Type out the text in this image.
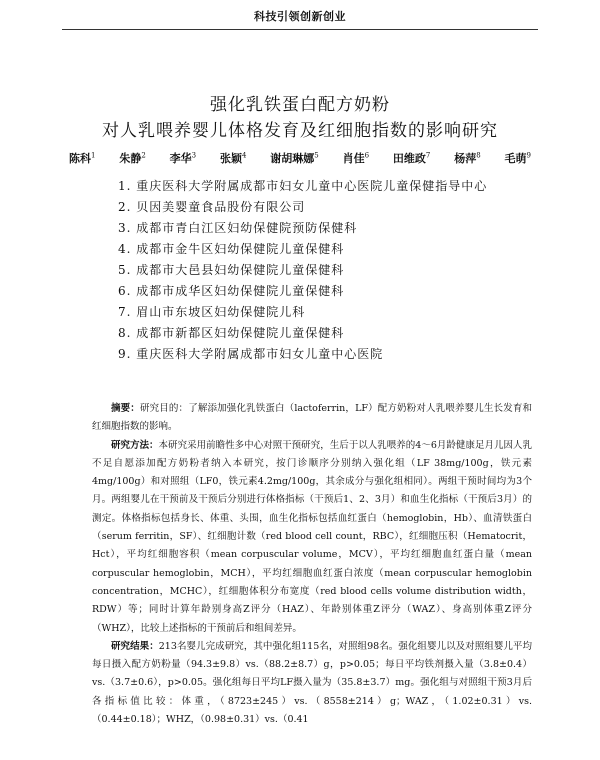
科技引领创新创业
强化乳铁蛋白配方奶粉
对人乳喂养婴儿体格发育及红细胞指数的影响研究
陈科$^1$ 朱静$^2$ 李华$^3$ 张颖$^4$ 谢胡琳娜$^5$ 肖佳$^6$ 田维政$^7$ 杨萍$^8$ 毛萌$^9$
1. 重庆医科大学附属成都市妇女儿童中心医院儿童保健指导中心
2. 贝因美婴童食品股份有限公司
3. 成都市青白江区妇幼保健院预防保健科
4. 成都市金牛区妇幼保健院儿童保健科
5. 成都市大邑县妇幼保健院儿童保健科
6. 成都市成华区妇幼保健院儿童保健科
7. 眉山市东坡区妇幼保健院儿科
8. 成都市新都区妇幼保健院儿童保健科
9. 重庆医科大学附属成都市妇女儿童中心医院

摘要：研究目的：了解添加强化乳铁蛋白（lactoferrin，LF）配方奶粉对人乳喂养婴儿生长发育和红细胞指数的影响。

研究方法：本研究采用前瞻性多中心对照干预研究，生后于以人乳喂养的4～6月龄健康足月儿因人乳不足自愿添加配方奶粉者纳入本研究，按门诊顺序分别纳入强化组（LF 38mg/100g，铁元素4mg/100g）和对照组（LF0，铁元素4.2mg/100g，其余成分与强化组相同）。两组干预时间均为3个月。两组婴儿在干预前及干预后分别进行体格指标（干预后1、2、3月）和血生化指标（干预后3月）的测定。体格指标包括身长、体重、头围，血生化指标包括血红蛋白（hemoglobin，Hb）、血清铁蛋白（serum ferritin，SF）、红细胞计数（red blood cell count，RBC），红细胞压积（Hematocrit，Hct），平均红细胞容积（mean corpuscular volume，MCV），平均红细胞血红蛋白量（mean corpuscular hemoglobin，MCH），平均红细胞血红蛋白浓度（mean corpuscular hemoglobin concentration，MCHC），红细胞体积分布宽度（red blood cells volume distribution width，RDW）等；同时计算年龄别身高Z评分（HAZ）、年龄别体重Z评分（WAZ）、身高别体重Z评分（WHZ），比较上述指标的干预前后和组间差异。

研究结果：213名婴儿完成研究，其中强化组115名，对照组98名。强化组婴儿以及对照组婴儿平均每日摄入配方奶粉量（94.3±9.8）vs.（88.2±8.7）g，p>0.05；每日平均铁剂摄入量（3.8±0.4）vs.（3.7±0.6），p>0.05。强化组每日平均LF摄入量为（35.8±3.7）mg。强化组与对照组干预3月后各指标值比较：体重，（8723±245）vs.（8558±214）g；WAZ，（1.02±0.31）vs.（0.44±0.18）；WHZ，（0.98±0.31）vs.（0.41
